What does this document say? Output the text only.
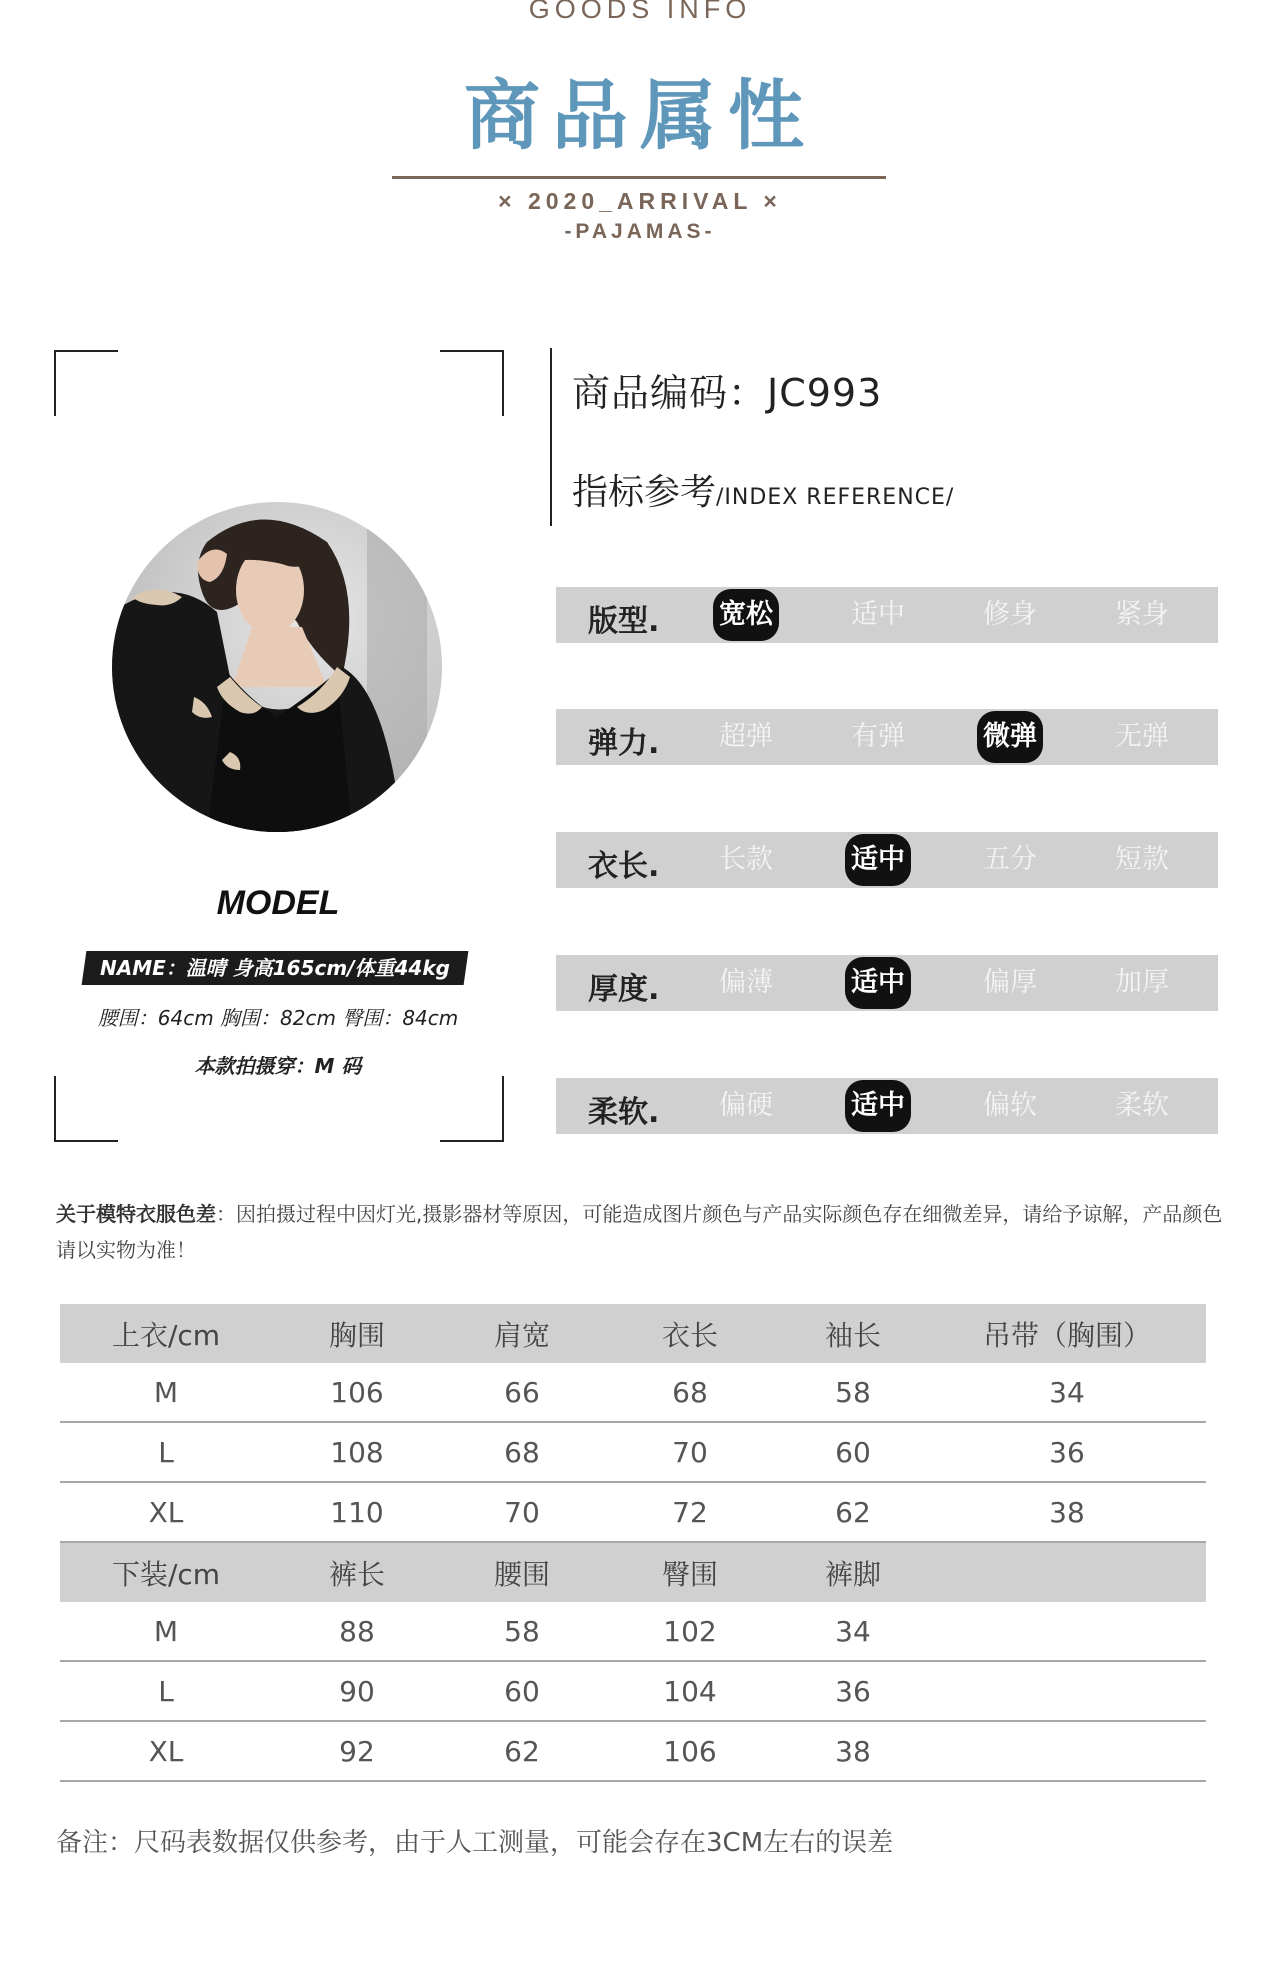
GOODS INFO
商品属性
× 2020_ARRIVAL ×
-PAJAMAS-
MODEL
NAME：温晴 身高165cm/体重44kg
腰围：64cm 胸围：82cm 臀围：84cm
本款拍摄穿：M 码
商品编码：JC993
指标参考/INDEX REFERENCE/
版型. 宽松	适中	修身	紧身
弹力. 超弹	有弹	微弹	无弹
衣长. 长款	适中	五分	短款
厚度. 偏薄	适中	偏厚	加厚
柔软. 偏硬	适中	偏软	柔软
关于模特衣服色差：因拍摄过程中因灯光,摄影器材等原因，可能造成图片颜色与产品实际颜色存在细微差异，请给予谅解，产品颜色请以实物为准！
上衣/cm	胸围	肩宽	衣长	袖长	吊带（胸围）
M	106	66	68	58	34
L	108	68	70	60	36
XL	110	70	72	62	38
下装/cm	裤长	腰围	臀围	裤脚	
M	88	58	102	34	
L	90	60	104	36	
XL	92	62	106	38	
备注：尺码表数据仅供参考，由于人工测量，可能会存在3CM左右的误差
